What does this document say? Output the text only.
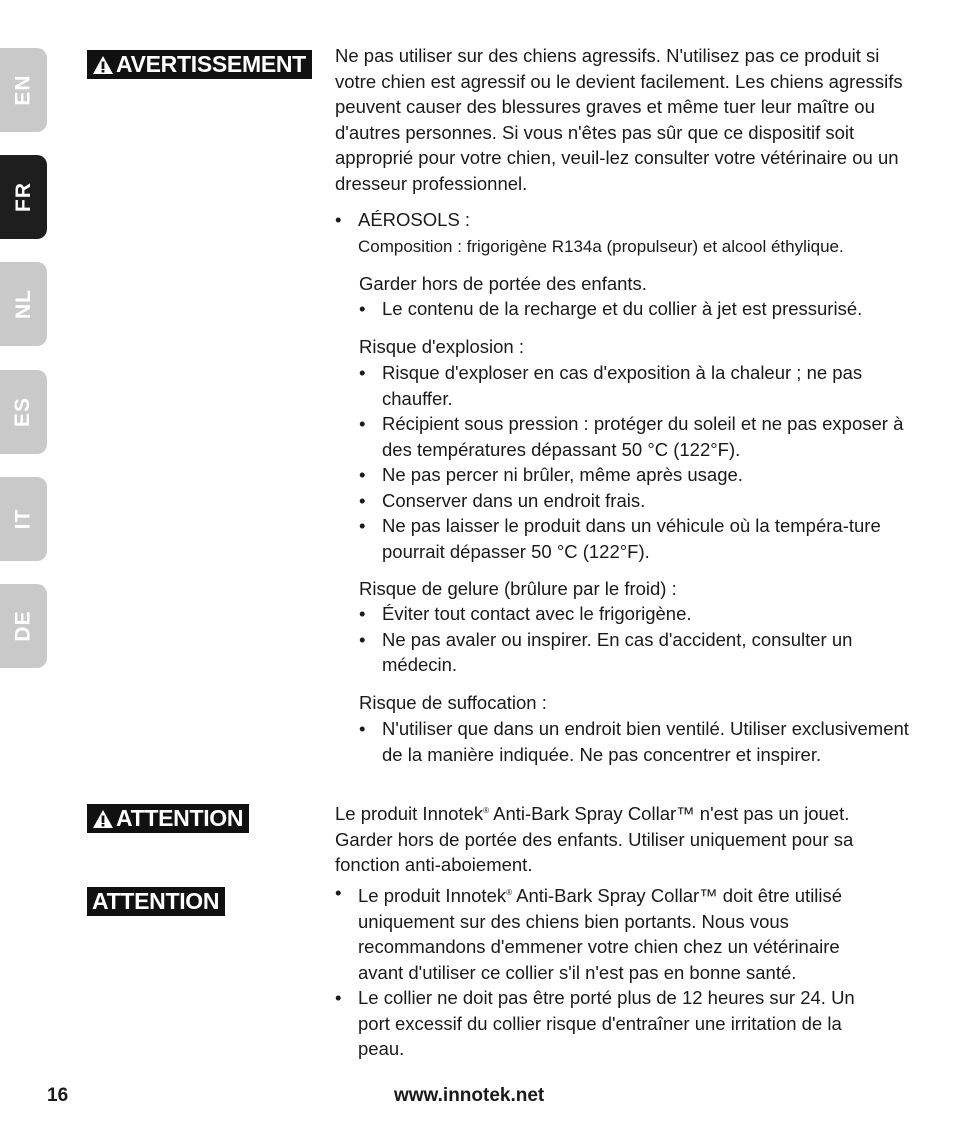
EN
FR
NL
ES
IT
DE
AVERTISSEMENT Ne pas utiliser sur des chiens agressifs. N'utilisez pas ce produit si votre chien est agressif ou le devient facilement. Les chiens agressifs peuvent causer des blessures graves et même tuer leur maître ou d'autres personnes. Si vous n'êtes pas sûr que ce dispositif soit approprié pour votre chien, veuil-lez consulter votre vétérinaire ou un dresseur professionnel.

• AÉROSOLS :
Composition : frigorigène R134a (propulseur) et alcool éthylique.
Garder hors de portée des enfants.
• Le contenu de la recharge et du collier à jet est pressurisé.
Risque d'explosion :
• Risque d'exploser en cas d'exposition à la chaleur ; ne pas chauffer.
• Récipient sous pression : protéger du soleil et ne pas exposer à des températures dépassant 50 °C (122°F).
• Ne pas percer ni brûler, même après usage.
• Conserver dans un endroit frais.
• Ne pas laisser le produit dans un véhicule où la tempéra-ture pourrait dépasser 50 °C (122°F).
Risque de gelure (brûlure par le froid) :
• Éviter tout contact avec le frigorigène.
• Ne pas avaler ou inspirer. En cas d'accident, consulter un médecin.
Risque de suffocation :
• N'utiliser que dans un endroit bien ventilé. Utiliser exclusivement de la manière indiquée. Ne pas concentrer et inspirer.
ATTENTION	Le produit Innotek® Anti-Bark Spray Collar™ n'est pas un jouet. Garder hors de portée des enfants. Utiliser uniquement pour sa fonction anti-aboiement.

ATTENTION
•	Le produit Innotek® Anti-Bark Spray Collar™ doit être utilisé uniquement sur des chiens bien portants. Nous vous recommandons d'emmener votre chien chez un vétérinaire avant d'utiliser ce collier s'il n'est pas en bonne santé.
• Le collier ne doit pas être porté plus de 12 heures sur 24. Un port excessif du collier risque d'entraîner une irritation de la peau.
16	www.innotek.net
